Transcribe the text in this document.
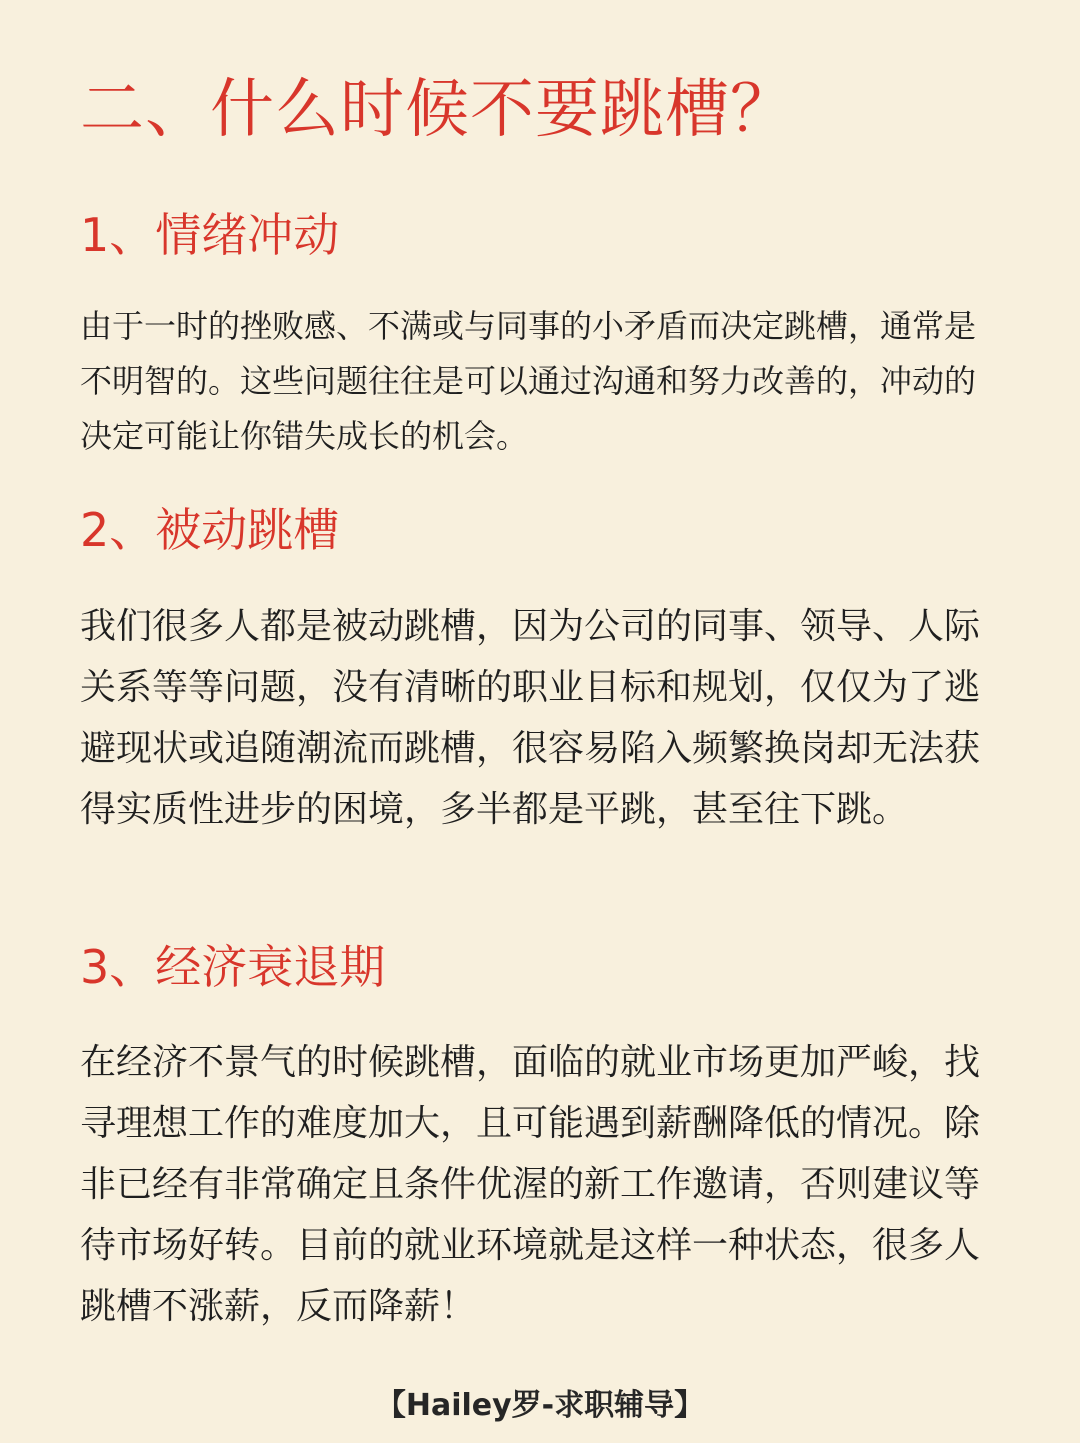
二、什么时候不要跳槽？
1、情绪冲动

由于一时的挫败感、不满或与同事的小矛盾而决定跳槽，通常是不明智的。这些问题往往是可以通过沟通和努力改善的，冲动的决定可能让你错失成长的机会。

2、被动跳槽

我们很多人都是被动跳槽，因为公司的同事、领导、人际关系等等问题，没有清晰的职业目标和规划，仅仅为了逃避现状或追随潮流而跳槽，很容易陷入频繁换岗却无法获得实质性进步的困境，多半都是平跳，甚至往下跳。

3、经济衰退期

在经济不景气的时候跳槽，面临的就业市场更加严峻，找寻理想工作的难度加大，且可能遇到薪酬降低的情况。除非已经有非常确定且条件优渥的新工作邀请，否则建议等待市场好转。目前的就业环境就是这样一种状态，很多人跳槽不涨薪，反而降薪！

【Hailey罗-求职辅导】
